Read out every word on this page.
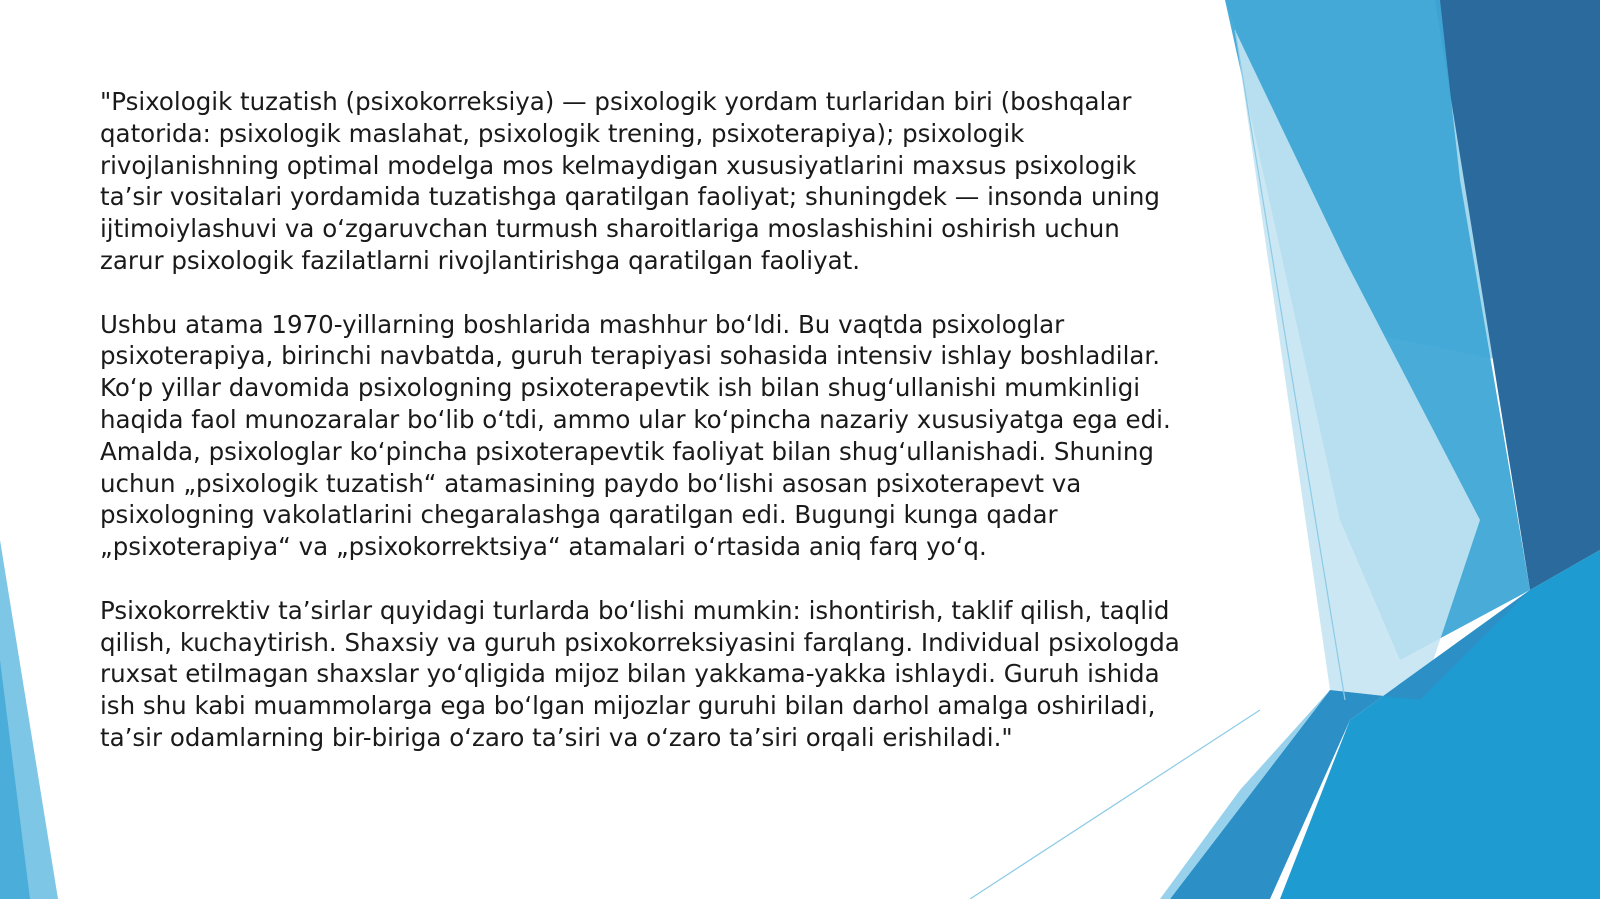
"Psixologik tuzatish (psixokorreksiya) — psixologik yordam turlaridan biri (boshqalar
qatorida: psixologik maslahat, psixologik trening, psixoterapiya); psixologik
rivojlanishning optimal modelga mos kelmaydigan xususiyatlarini maxsus psixologik
ta’sir vositalari yordamida tuzatishga qaratilgan faoliyat; shuningdek — insonda uning
ijtimoiylashuvi va o‘zgaruvchan turmush sharoitlariga moslashishini oshirish uchun
zarur psixologik fazilatlarni rivojlantirishga qaratilgan faoliyat.

Ushbu atama 1970-yillarning boshlarida mashhur bo‘ldi. Bu vaqtda psixologlar
psixoterapiya, birinchi navbatda, guruh terapiyasi sohasida intensiv ishlay boshladilar.
Ko‘p yillar davomida psixologning psixoterapevtik ish bilan shug‘ullanishi mumkinligi
haqida faol munozaralar bo‘lib o‘tdi, ammo ular ko‘pincha nazariy xususiyatga ega edi.
Amalda, psixologlar ko‘pincha psixoterapevtik faoliyat bilan shug‘ullanishadi. Shuning
uchun „psixologik tuzatish“ atamasining paydo bo‘lishi asosan psixoterapevt va
psixologning vakolatlarini chegaralashga qaratilgan edi. Bugungi kunga qadar
„psixoterapiya“ va „psixokorrektsiya“ atamalari o‘rtasida aniq farq yo‘q.

Psixokorrektiv ta’sirlar quyidagi turlarda bo‘lishi mumkin: ishontirish, taklif qilish, taqlid
qilish, kuchaytirish. Shaxsiy va guruh psixokorreksiyasini farqlang. Individual psixologda
ruxsat etilmagan shaxslar yo‘qligida mijoz bilan yakkama-yakka ishlaydi. Guruh ishida
ish shu kabi muammolarga ega bo‘lgan mijozlar guruhi bilan darhol amalga oshiriladi,
ta’sir odamlarning bir-biriga o‘zaro ta’siri va o‘zaro ta’siri orqali erishiladi."
